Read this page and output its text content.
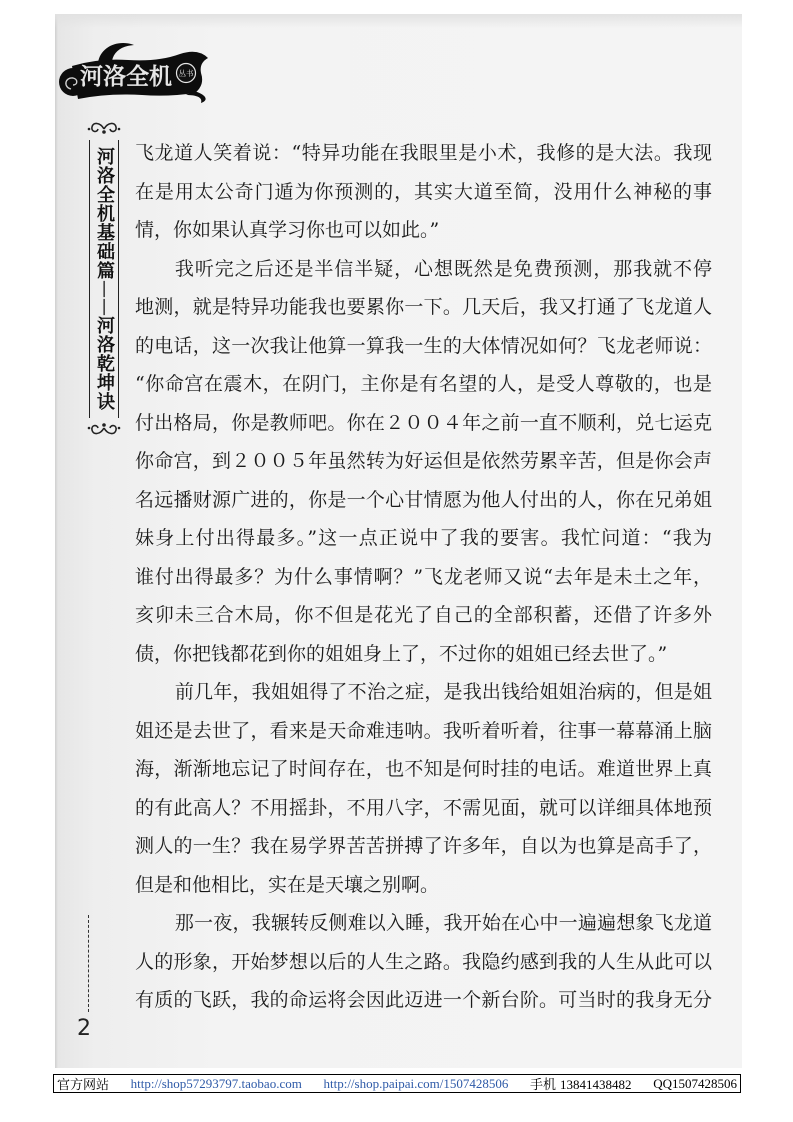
河洛全机 丛书
河洛全机基础篇——河洛乾坤诀
飞龙道人笑着说：“特异功能在我眼里是小术，我修的是大法。我现
在是用太公奇门遁为你预测的，其实大道至简，没用什么神秘的事
情，你如果认真学习你也可以如此。”
我听完之后还是半信半疑，心想既然是免费预测，那我就不停
地测，就是特异功能我也要累你一下。几天后，我又打通了飞龙道人
的电话，这一次我让他算一算我一生的大体情况如何？飞龙老师说：
“你命宫在震木，在阴门，主你是有名望的人，是受人尊敬的，也是
付出格局，你是教师吧。你在２００４年之前一直不顺利，兑七运克
你命宫，到２００５年虽然转为好运但是依然劳累辛苦，但是你会声
名远播财源广进的，你是一个心甘情愿为他人付出的人，你在兄弟姐
妹身上付出得最多。”这一点正说中了我的要害。我忙问道：“我为
谁付出得最多？为什么事情啊？”飞龙老师又说“去年是未土之年，
亥卯未三合木局，你不但是花光了自己的全部积蓄，还借了许多外
债，你把钱都花到你的姐姐身上了，不过你的姐姐已经去世了。”
前几年，我姐姐得了不治之症，是我出钱给姐姐治病的，但是姐
姐还是去世了，看来是天命难违呐。我听着听着，往事一幕幕涌上脑
海，渐渐地忘记了时间存在，也不知是何时挂的电话。难道世界上真
的有此高人？不用摇卦，不用八字，不需见面，就可以详细具体地预
测人的一生？我在易学界苦苦拼搏了许多年，自以为也算是高手了，
但是和他相比，实在是天壤之别啊。
那一夜，我辗转反侧难以入睡，我开始在心中一遍遍想象飞龙道
人的形象，开始梦想以后的人生之路。我隐约感到我的人生从此可以
有质的飞跃，我的命运将会因此迈进一个新台阶。可当时的我身无分
2
官方网站 http://shop57293797.taobao.com http://shop.paipai.com/1507428506 手机 13841438482 QQ1507428506
